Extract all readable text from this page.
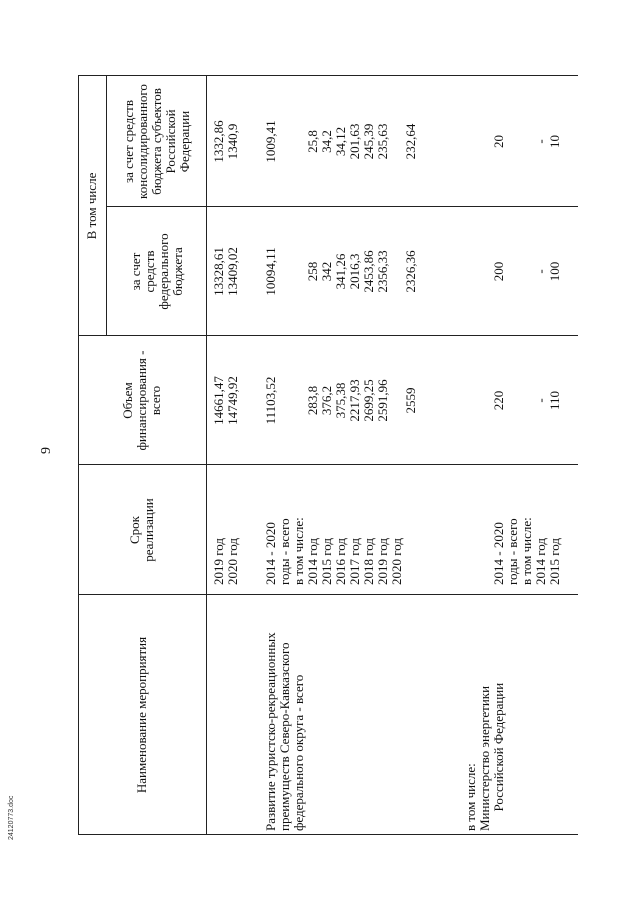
9
24120773.doc
Наименование мероприятия
Срок
реализации
Объем
финансирования -
всего
В том числе
за счет
средств
федерального
бюджета
за счет средств
консолидированного
бюджета субъектов
Российской
Федерации
2019 год
2020 год
14661,47
14749,92
13328,61
13409,02
1332,86
1340,9
Развитие туристско-рекреационных
преимуществ Северо-Кавказского
федерального округа - всего
2014 - 2020
годы - всего
в том числе:
2014 год
2015 год
2016 год
2017 год
2018 год
2019 год
2020 год
11103,52

283,8
376,2
375,38
2217,93
2699,25
2591,96

2559
10094,11

258
342
341,26
2016,3
2453,86
2356,33

2326,36
1009,41

25,8
34,2
34,12
201,63
245,39
235,63

232,64
в том числе:
Министерство энергетики
Российской Федерации
2014 - 2020
годы - всего
в том числе:
2014 год
2015 год
220

-
110
200

-
100
20

-
10
